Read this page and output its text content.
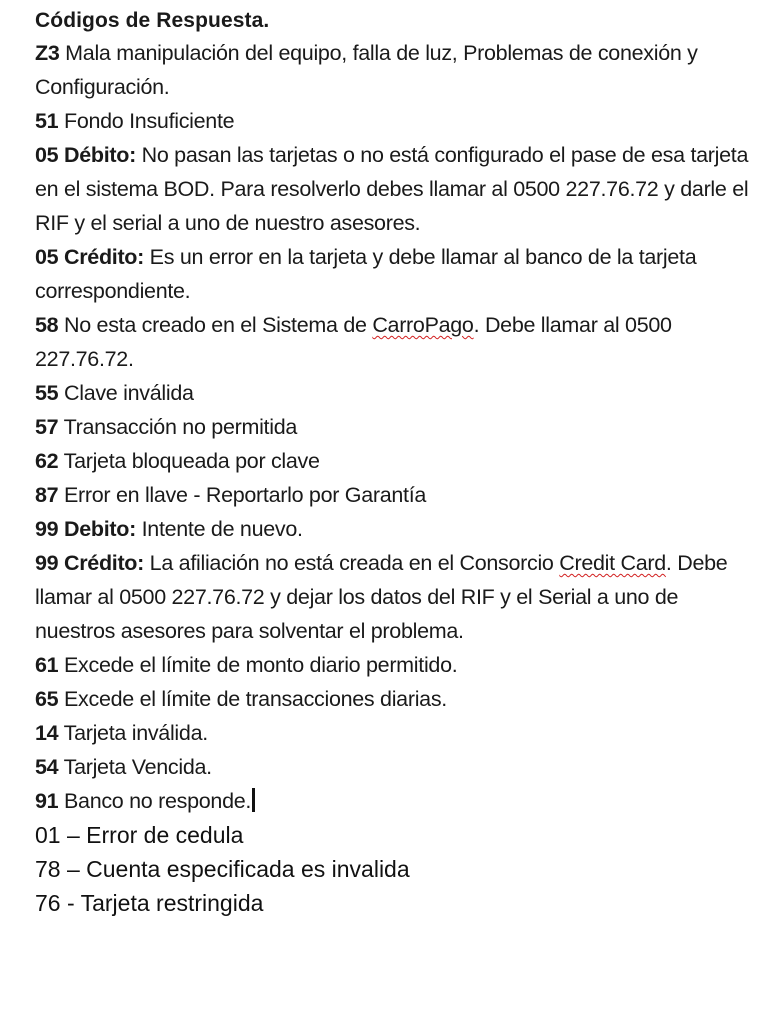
Códigos de Respuesta.
Z3 Mala manipulación del equipo, falla de luz, Problemas de conexión y Configuración.
51 Fondo Insuficiente
05 Débito: No pasan las tarjetas o no está configurado el pase de esa tarjeta en el sistema BOD. Para resolverlo debes llamar al 0500 227.76.72 y darle el RIF y el serial a uno de nuestro asesores.
05 Crédito: Es un error en la tarjeta y debe llamar al banco de la tarjeta correspondiente.
58 No esta creado en el Sistema de CarroPago. Debe llamar al 0500 227.76.72.
55 Clave inválida
57 Transacción no permitida
62 Tarjeta bloqueada por clave
87 Error en llave - Reportarlo por Garantía
99 Debito: Intente de nuevo.
99 Crédito: La afiliación no está creada en el Consorcio Credit Card. Debe llamar al 0500 227.76.72 y dejar los datos del RIF y el Serial a uno de nuestros asesores para solventar el problema.
61 Excede el límite de monto diario permitido.
65 Excede el límite de transacciones diarias.
14 Tarjeta inválida.
54 Tarjeta Vencida.
91 Banco no responde.
01 – Error de cedula
78 – Cuenta especificada es invalida
76 - Tarjeta restringida
